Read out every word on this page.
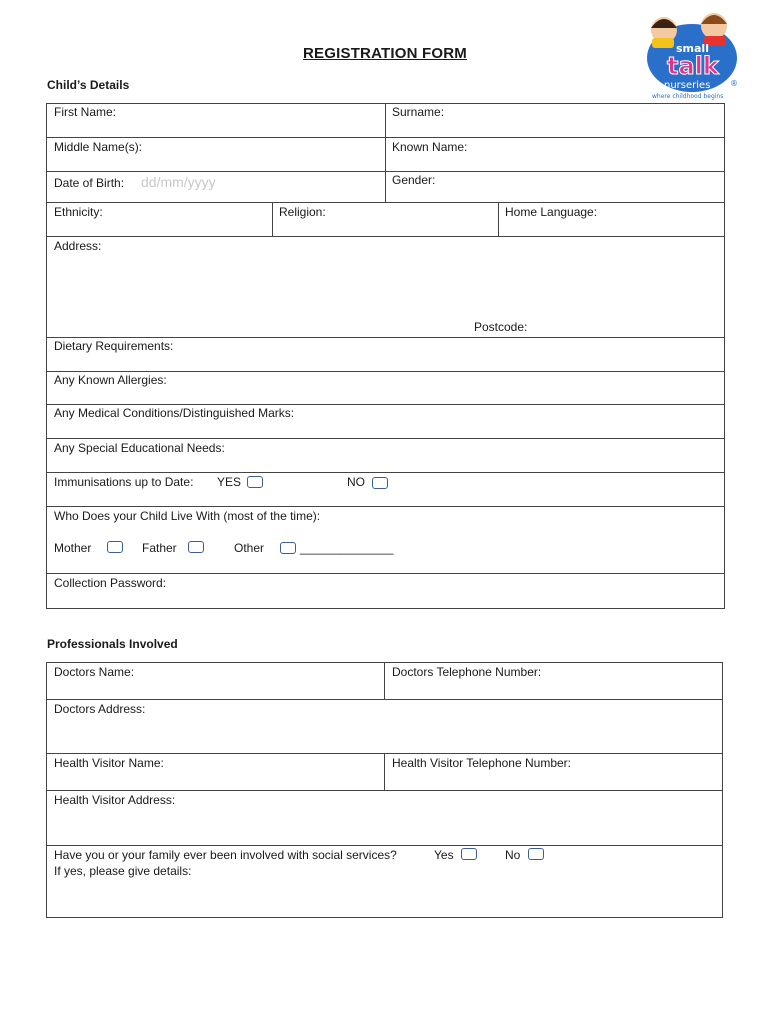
small
talk
nurseries
where childhood begins
®
REGISTRATION FORM
Child’s Details
First Name:	Surname:
Middle Name(s):	Known Name:
Date of Birth: dd/mm/yyyy	Gender:
Ethnicity:	Religion:	Home Language:
Address:
Postcode:
Dietary Requirements:
Any Known Allergies:
Any Medical Conditions/Distinguished Marks:
Any Special Educational Needs:
Immunisations up to Date: YES	NO
Who Does your Child Live With (most of the time):
Mother	Father	Other	______________
Collection Password:
Professionals Involved
Doctors Name:	Doctors Telephone Number:
Doctors Address:
Health Visitor Name:	Health Visitor Telephone Number:
Health Visitor Address:
Have you or your family ever been involved with social services?	Yes	No
If yes, please give details:
